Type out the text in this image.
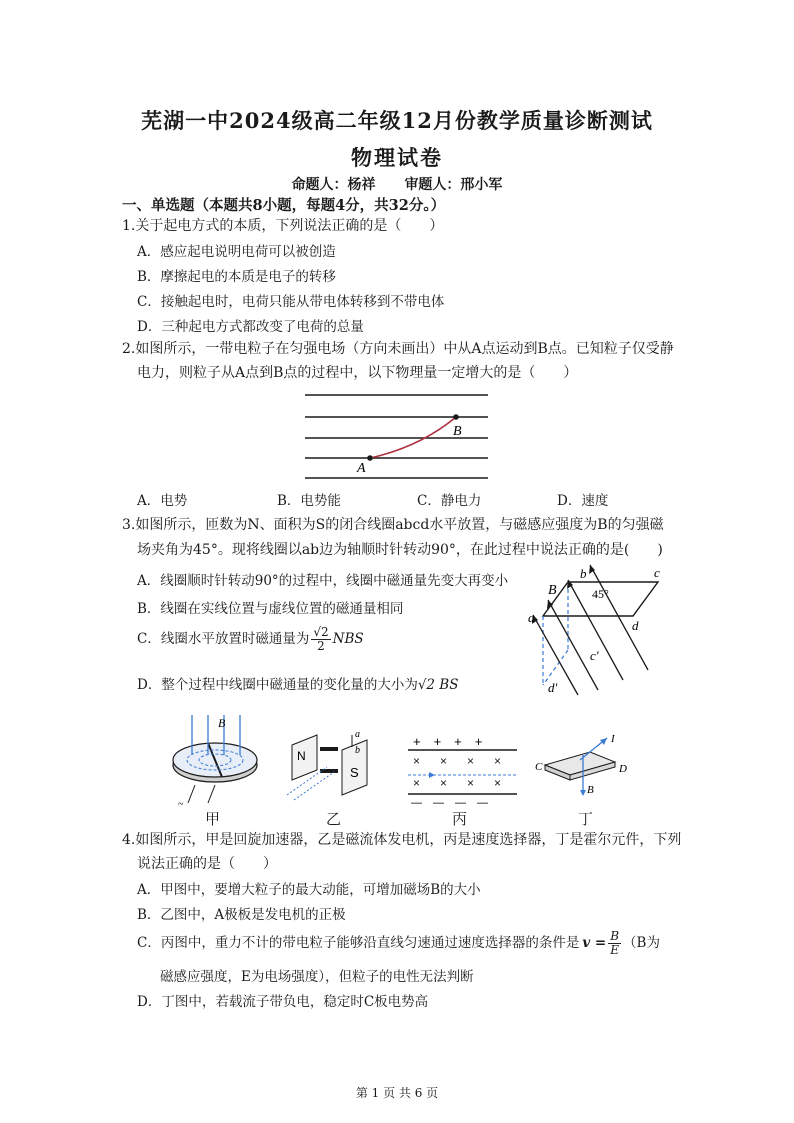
芜湖一中2024级高二年级12月份教学质量诊断测试
物理试卷
命题人：杨祥 审题人：邢小军
一、单选题（本题共8小题，每题4分，共32分。）
1.关于起电方式的本质，下列说法正确的是（　　）
A．感应起电说明电荷可以被创造
B．摩擦起电的本质是电子的转移
C．接触起电时，电荷只能从带电体转移到不带电体
D．三种起电方式都改变了电荷的总量
2.如图所示，一带电粒子在匀强电场（方向未画出）中从A点运动到B点。已知粒子仅受静
电力，则粒子从A点到B点的过程中，以下物理量一定增大的是（　　）
A
B
A．电势	B．电势能	C．静电力	D．速度
3.如图所示，匝数为N、面积为S的闭合线圈abcd水平放置，与磁感应强度为B的匀强磁
场夹角为45°。现将线圈以ab边为轴顺时针转动90°，在此过程中说法正确的是(　　)
A．线圈顺时针转动90°的过程中，线圈中磁通量先变大再变小
B．线圈在实线位置与虚线位置的磁通量相同
C．线圈水平放置时磁通量为 $\frac{√2}{2}$ NBS
D．整个过程中线圈中磁通量的变化量的大小为√2 BS
b	c
B	45°
a
d
c'
d'
B
~
甲
N
S
a
b
乙
+　+　+　+
× × × ×
× × × ×
—　—　—　—
丙
I
B
C	D
丁
4.如图所示，甲是回旋加速器，乙是磁流体发电机，丙是速度选择器，丁是霍尔元件，下列
说法正确的是（　　）
A．甲图中，要增大粒子的最大动能，可增加磁场B的大小
B．乙图中，A极板是发电机的正极
C．丙图中，重力不计的带电粒子能够沿直线匀速通过速度选择器的条件是 $v = \frac{B}{E} (B$为
磁感应强度，E为电场强度），但粒子的电性无法判断
D．丁图中，若载流子带负电，稳定时C板电势高
第 1 页 共 6 页
